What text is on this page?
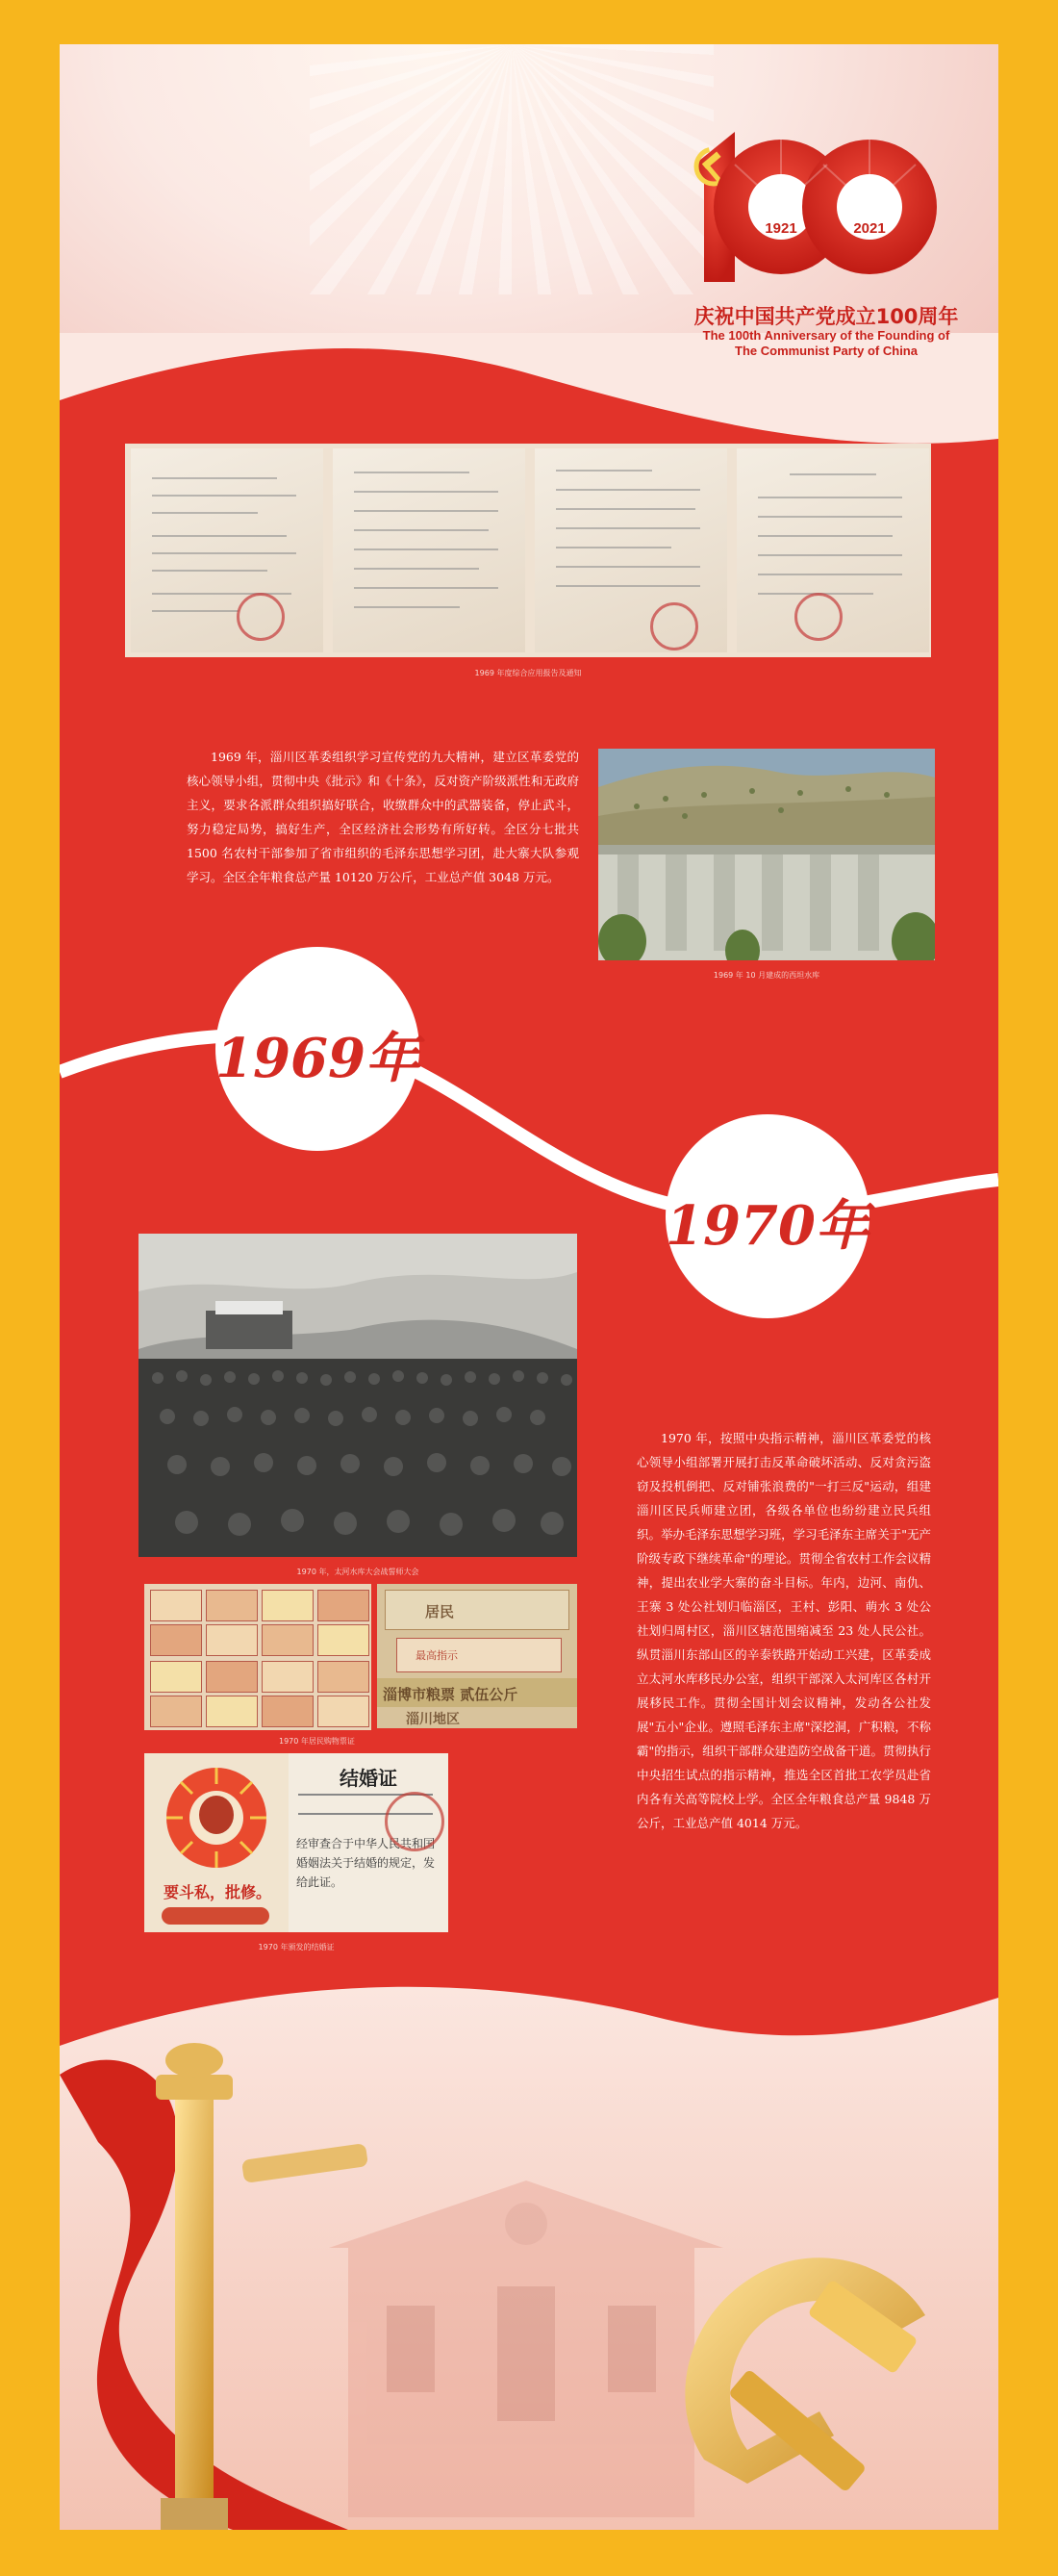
1921	2021
庆祝中国共产党成立100周年
The 100th Anniversary of the Founding of
The Communist Party of China
1969 年度综合应用报告及通知
1969 年，淄川区革委组织学习宣传党的九大精神，建立区革委党的核心领导小组，贯彻中央《批示》和《十条》，反对资产阶级派性和无政府主义，要求各派群众组织搞好联合，收缴群众中的武器装备，停止武斗，努力稳定局势，搞好生产，全区经济社会形势有所好转。全区分七批共 1500 名农村干部参加了省市组织的毛泽东思想学习团，赴大寨大队参观学习。全区全年粮食总产量 10120 万公斤，工业总产值 3048 万元。
1969 年 10 月建成的西坦水库
1969年
1970年
1970 年，太河水库大会战誓师大会
居民
最高指示
淄博市粮票 贰伍公斤
淄川地区
1970 年居民购物票证
要斗私，批修。
结婚证
经审查合于中华人民共和国婚姻法关于结婚的规定，发给此证。
1970 年颁发的结婚证
1970 年，按照中央指示精神，淄川区革委党的核心领导小组部署开展打击反革命破坏活动、反对贪污盗窃及投机倒把、反对铺张浪费的"一打三反"运动，组建淄川区民兵师建立团，各级各单位也纷纷建立民兵组织。举办毛泽东思想学习班，学习毛泽东主席关于"无产阶级专政下继续革命"的理论。贯彻全省农村工作会议精神，提出农业学大寨的奋斗目标。年内，边河、南仇、王寨 3 处公社划归临淄区，王村、彭阳、萌水 3 处公社划归周村区，淄川区辖范围缩减至 23 处人民公社。纵贯淄川东部山区的辛泰铁路开始动工兴建，区革委成立太河水库移民办公室，组织干部深入太河库区各村开展移民工作。贯彻全国计划会议精神，发动各公社发展"五小"企业。遵照毛泽东主席"深挖洞，广积粮，不称霸"的指示，组织干部群众建造防空战备干道。贯彻执行中央招生试点的指示精神，推选全区首批工农学员赴省内各有关高等院校上学。全区全年粮食总产量 9848 万公斤，工业总产值 4014 万元。
